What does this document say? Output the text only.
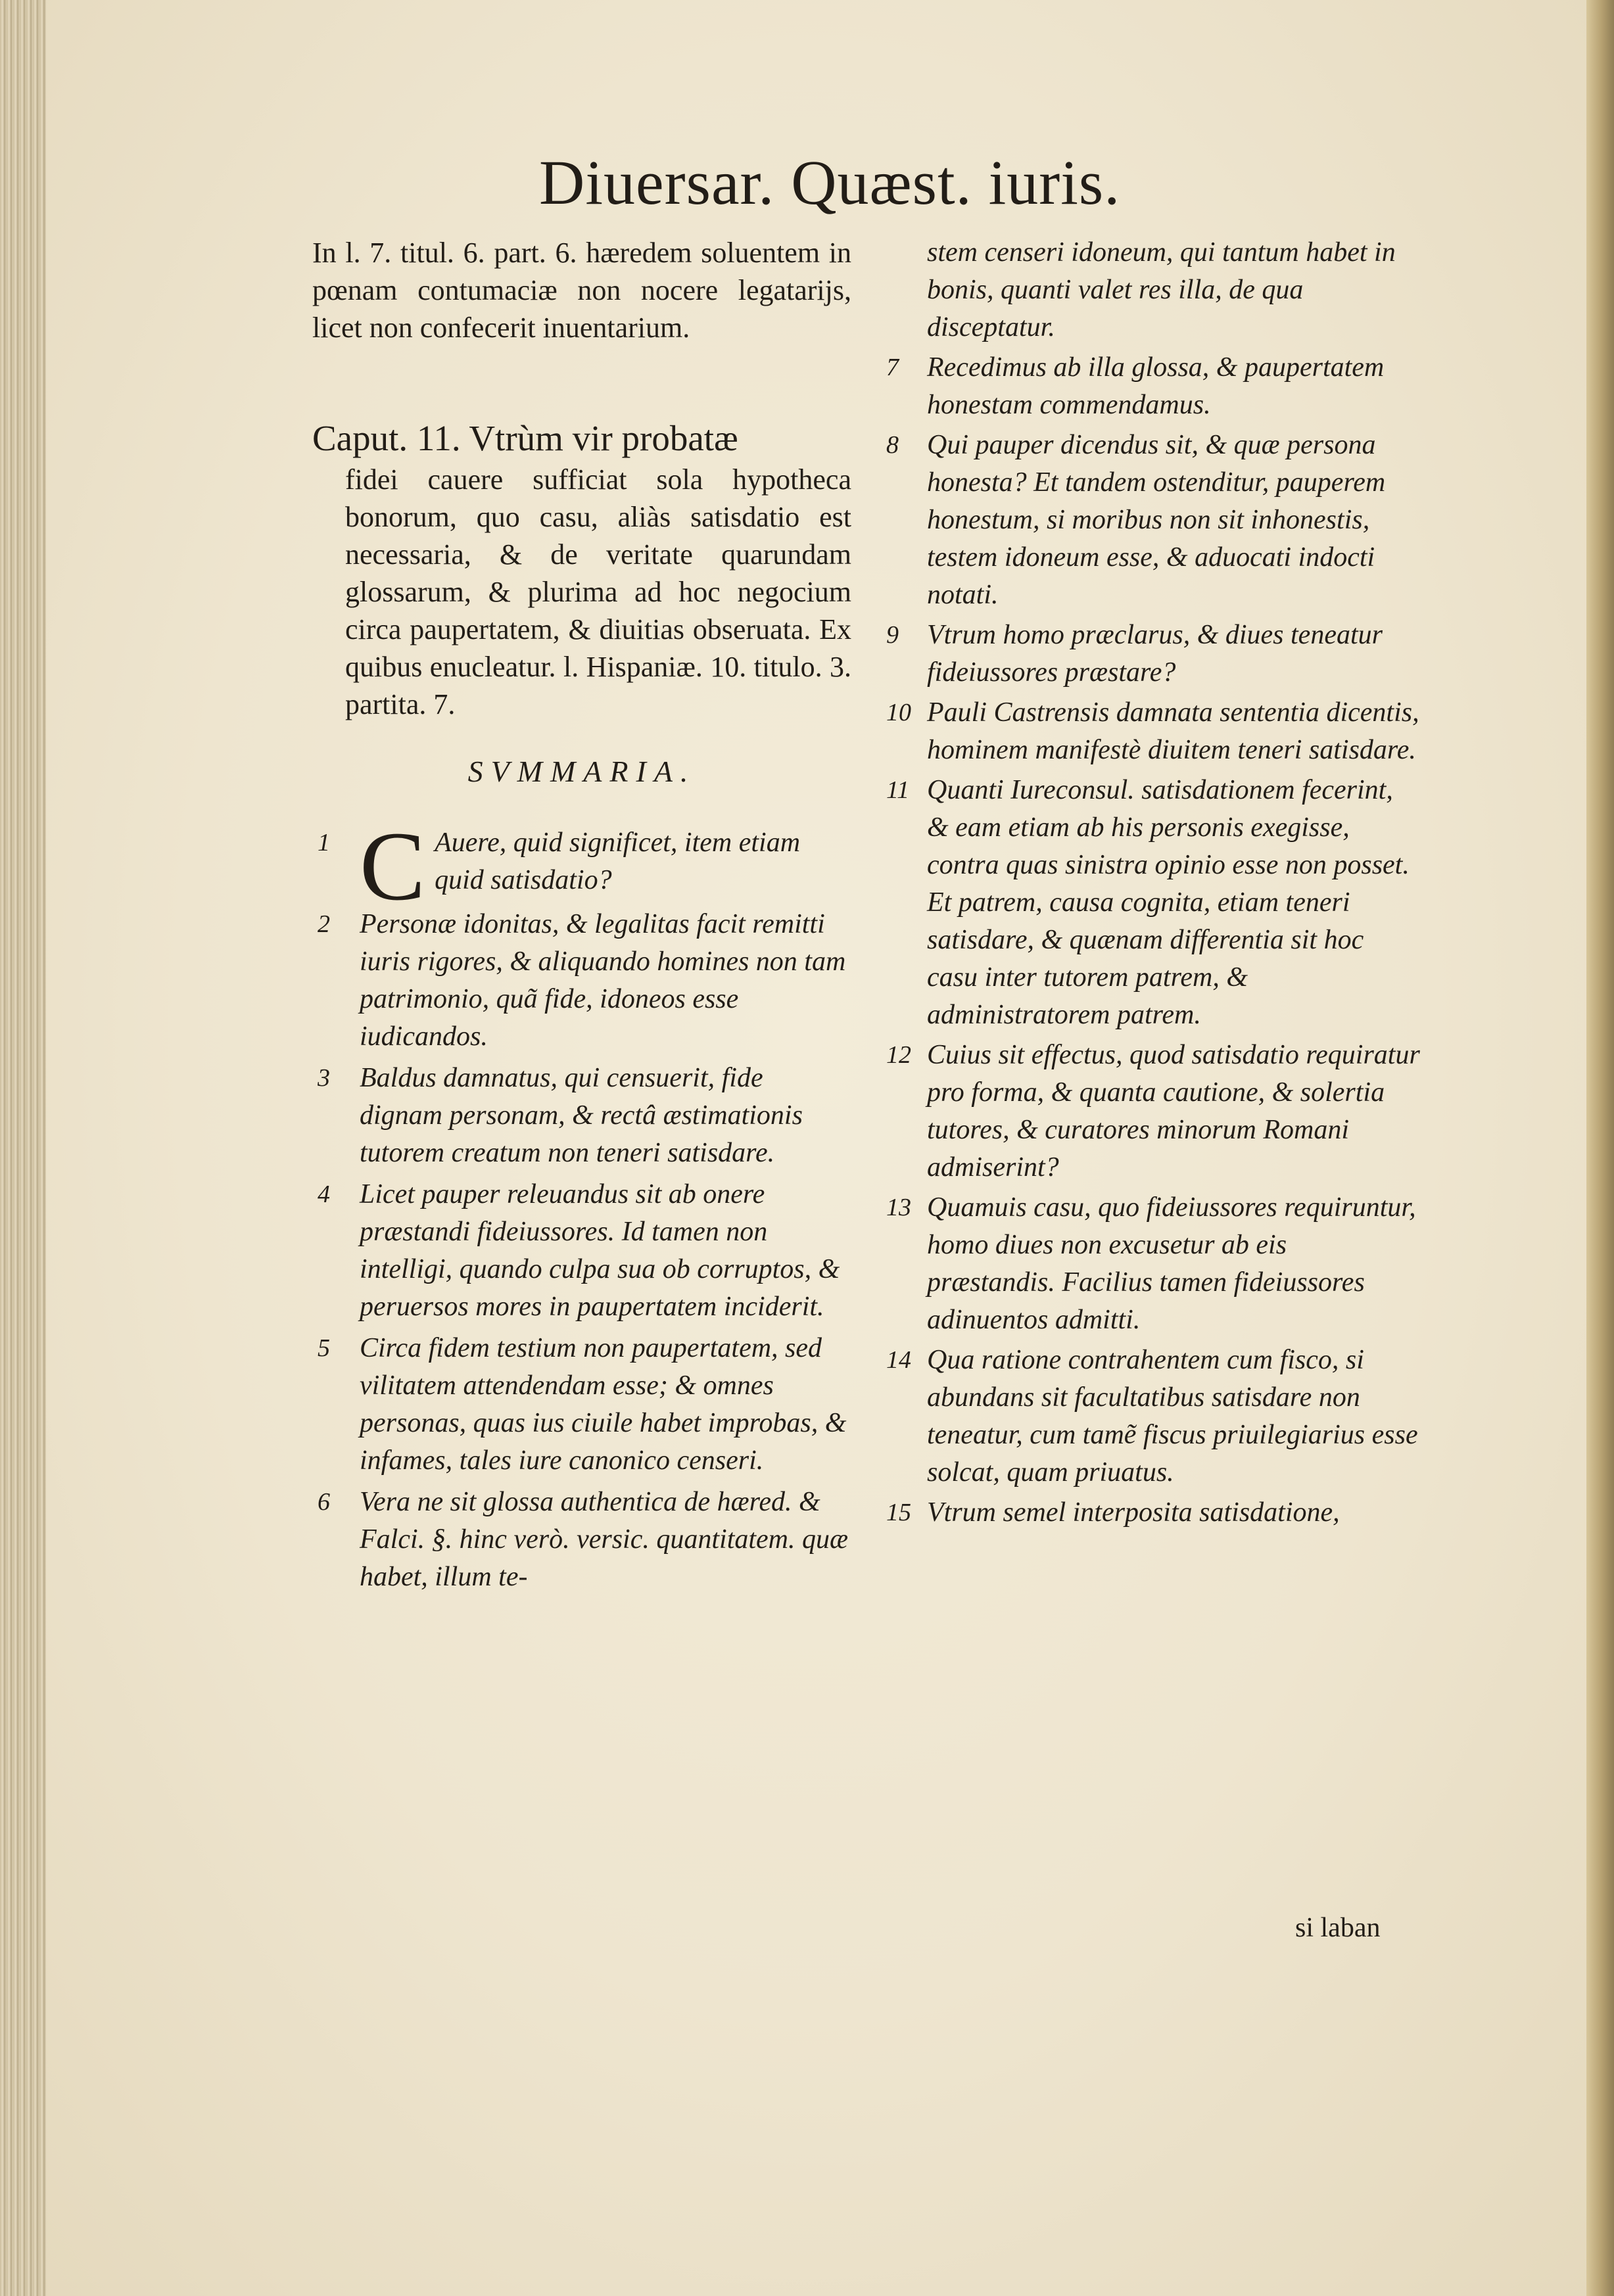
Diuersar. Quæst. iuris.

In l. 7. titul. 6. part. 6. hæredem soluentem in pœnam contumaciæ non nocere legatarijs, licet non confecerit inuentarium.

Caput. 11. Vtrùm vir probatæ
fidei cauere sufficiat sola hypotheca bonorum, quo casu, aliàs satisdatio est necessaria, & de veritate quarundam glossarum, & plurima ad hoc negocium circa paupertatem, & diuitias obseruata. Ex quibus enucleatur. l. Hispaniæ. 10. titulo. 3. partita. 7.
SVMMARIA.

1 C Auere, quid significet, item etiam quid satisdatio?

2 Personæ idonitas, & legalitas facit remitti iuris rigores, & aliquando homines non tam patrimonio, quã fide, idoneos esse iudicandos.

3 Baldus damnatus, qui censuerit, fide dignam personam, & rectâ æstimationis tutorem creatum non teneri satisdare.

4 Licet pauper releuandus sit ab onere præstandi fideiussores. Id tamen non intelligi, quando culpa sua ob corruptos, & peruersos mores in paupertatem inciderit.

5 Circa fidem testium non paupertatem, sed vilitatem attendendam esse; & omnes personas, quas ius ciuile habet improbas, & infames, tales iure canonico censeri.

6 Vera ne sit glossa authentica de hæred. & Falci. §. hinc verò. versic. quantitatem. quæ habet, illum te-

stem censeri idoneum, qui tantum habet in bonis, quanti valet res illa, de qua disceptatur.

7 Recedimus ab illa glossa, & paupertatem honestam commendamus.

8 Qui pauper dicendus sit, & quæ persona honesta? Et tandem ostenditur, pauperem honestum, si moribus non sit inhonestis, testem idoneum esse, & aduocati indocti notati.

9 Vtrum homo præclarus, & diues teneatur fideiussores præstare?

10 Pauli Castrensis damnata sententia dicentis, hominem manifestè diuitem teneri satisdare.

11 Quanti Iureconsul. satisdationem fecerint, & eam etiam ab his personis exegisse, contra quas sinistra opinio esse non posset. Et patrem, causa cognita, etiam teneri satisdare, & quænam differentia sit hoc casu inter tutorem patrem, & administratorem patrem.

12 Cuius sit effectus, quod satisdatio requiratur pro forma, & quanta cautione, & solertia tutores, & curatores minorum Romani admiserint?

13 Quamuis casu, quo fideiussores requiruntur, homo diues non excusetur ab eis præstandis. Facilius tamen fideiussores adinuentos admitti.

14 Qua ratione contrahentem cum fisco, si abundans sit facultatibus satisdare non teneatur, cum tamẽ fiscus priuilegiarius esse solcat, quam priuatus.

15 Vtrum semel interposita satisdatione,

si laban
